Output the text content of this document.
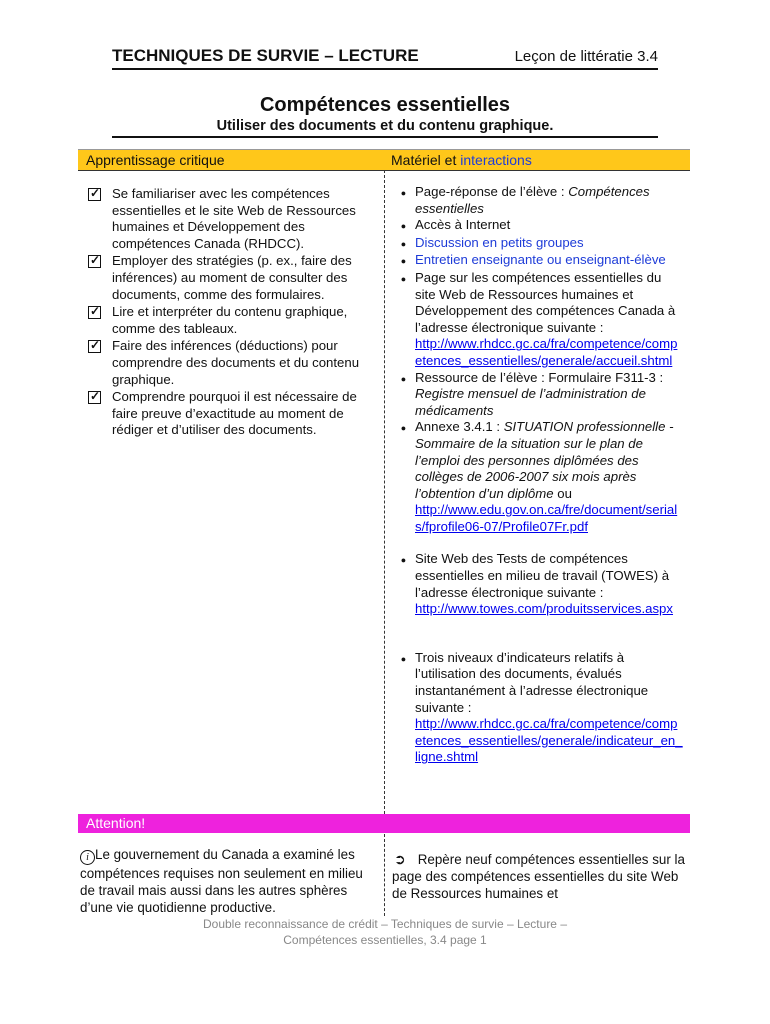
TECHNIQUES DE SURVIE – LECTURE	Leçon de littératie 3.4
Compétences essentielles
Utiliser des documents et du contenu graphique.
Apprentissage critique	Matériel et interactions
✓ Se familiariser avec les compétences essentielles et le site Web de Ressources humaines et Développement des compétences Canada (RHDCC).
✓ Employer des stratégies (p. ex., faire des inférences) au moment de consulter des documents, comme des formulaires.
✓ Lire et interpréter du contenu graphique, comme des tableaux.
✓ Faire des inférences (déductions) pour comprendre des documents et du contenu graphique.
✓ Comprendre pourquoi il est nécessaire de faire preuve d’exactitude au moment de rédiger et d’utiliser des documents.
● Page-réponse de l’élève : Compétences essentielles
● Accès à Internet
● Discussion en petits groupes
● Entretien enseignante ou enseignant-élève
● Page sur les compétences essentielles du site Web de Ressources humaines et Développement des compétences Canada à l’adresse électronique suivante :
http://www.rhdcc.gc.ca/fra/competence/competences_essentielles/generale/accueil.shtml
● Ressource de l’élève : Formulaire F311-3 : Registre mensuel de l’administration de médicaments
● Annexe 3.4.1 : SITUATION professionnelle - Sommaire de la situation sur le plan de l’emploi des personnes diplômées des collèges de 2006-2007 six mois après l’obtention d’un diplôme ou
http://www.edu.gov.on.ca/fre/document/serials/fprofile06-07/Profile07Fr.pdf
● Site Web des Tests de compétences essentielles en milieu de travail (TOWES) à l’adresse électronique suivante :
http://www.towes.com/produitsservices.aspx
● Trois niveaux d’indicateurs relatifs à l’utilisation des documents, évalués instantanément à l’adresse électronique suivante :
http://www.rhdcc.gc.ca/fra/competence/competences_essentielles/generale/indicateur_en_ligne.shtml
Attention!
i Le gouvernement du Canada a examiné les compétences requises non seulement en milieu de travail mais aussi dans les autres sphères d’une vie quotidienne productive.
➲ Repère neuf compétences essentielles sur la page des compétences essentielles du site Web de Ressources humaines et
Double reconnaissance de crédit – Techniques de survie – Lecture –
Compétences essentielles, 3.4 page 1
